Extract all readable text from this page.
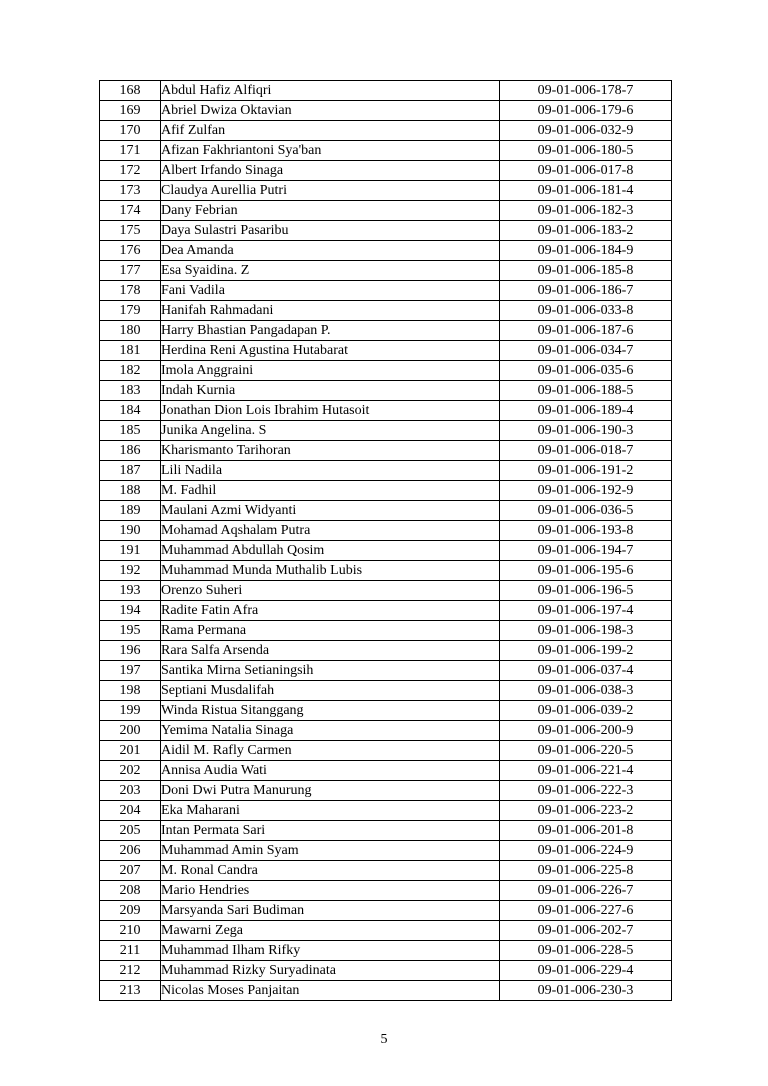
168	Abdul Hafiz Alfiqri	09-01-006-178-7
169	Abriel Dwiza Oktavian	09-01-006-179-6
170	Afif Zulfan	09-01-006-032-9
171	Afizan Fakhriantoni Sya'ban	09-01-006-180-5
172	Albert Irfando Sinaga	09-01-006-017-8
173	Claudya Aurellia Putri	09-01-006-181-4
174	Dany Febrian	09-01-006-182-3
175	Daya Sulastri Pasaribu	09-01-006-183-2
176	Dea Amanda	09-01-006-184-9
177	Esa Syaidina. Z	09-01-006-185-8
178	Fani Vadila	09-01-006-186-7
179	Hanifah Rahmadani	09-01-006-033-8
180	Harry Bhastian Pangadapan P.	09-01-006-187-6
181	Herdina Reni Agustina Hutabarat	09-01-006-034-7
182	Imola Anggraini	09-01-006-035-6
183	Indah Kurnia	09-01-006-188-5
184	Jonathan Dion Lois Ibrahim Hutasoit	09-01-006-189-4
185	Junika Angelina. S	09-01-006-190-3
186	Kharismanto Tarihoran	09-01-006-018-7
187	Lili Nadila	09-01-006-191-2
188	M. Fadhil	09-01-006-192-9
189	Maulani Azmi Widyanti	09-01-006-036-5
190	Mohamad Aqshalam Putra	09-01-006-193-8
191	Muhammad Abdullah Qosim	09-01-006-194-7
192	Muhammad Munda Muthalib Lubis	09-01-006-195-6
193	Orenzo Suheri	09-01-006-196-5
194	Radite Fatin Afra	09-01-006-197-4
195	Rama Permana	09-01-006-198-3
196	Rara Salfa Arsenda	09-01-006-199-2
197	Santika Mirna Setianingsih	09-01-006-037-4
198	Septiani Musdalifah	09-01-006-038-3
199	Winda Ristua Sitanggang	09-01-006-039-2
200	Yemima Natalia Sinaga	09-01-006-200-9
201	Aidil M. Rafly Carmen	09-01-006-220-5
202	Annisa Audia Wati	09-01-006-221-4
203	Doni Dwi Putra Manurung	09-01-006-222-3
204	Eka Maharani	09-01-006-223-2
205	Intan Permata Sari	09-01-006-201-8
206	Muhammad Amin Syam	09-01-006-224-9
207	M. Ronal Candra	09-01-006-225-8
208	Mario Hendries	09-01-006-226-7
209	Marsyanda Sari Budiman	09-01-006-227-6
210	Mawarni Zega	09-01-006-202-7
211	Muhammad Ilham Rifky	09-01-006-228-5
212	Muhammad Rizky Suryadinata	09-01-006-229-4
213	Nicolas Moses Panjaitan	09-01-006-230-3
5
